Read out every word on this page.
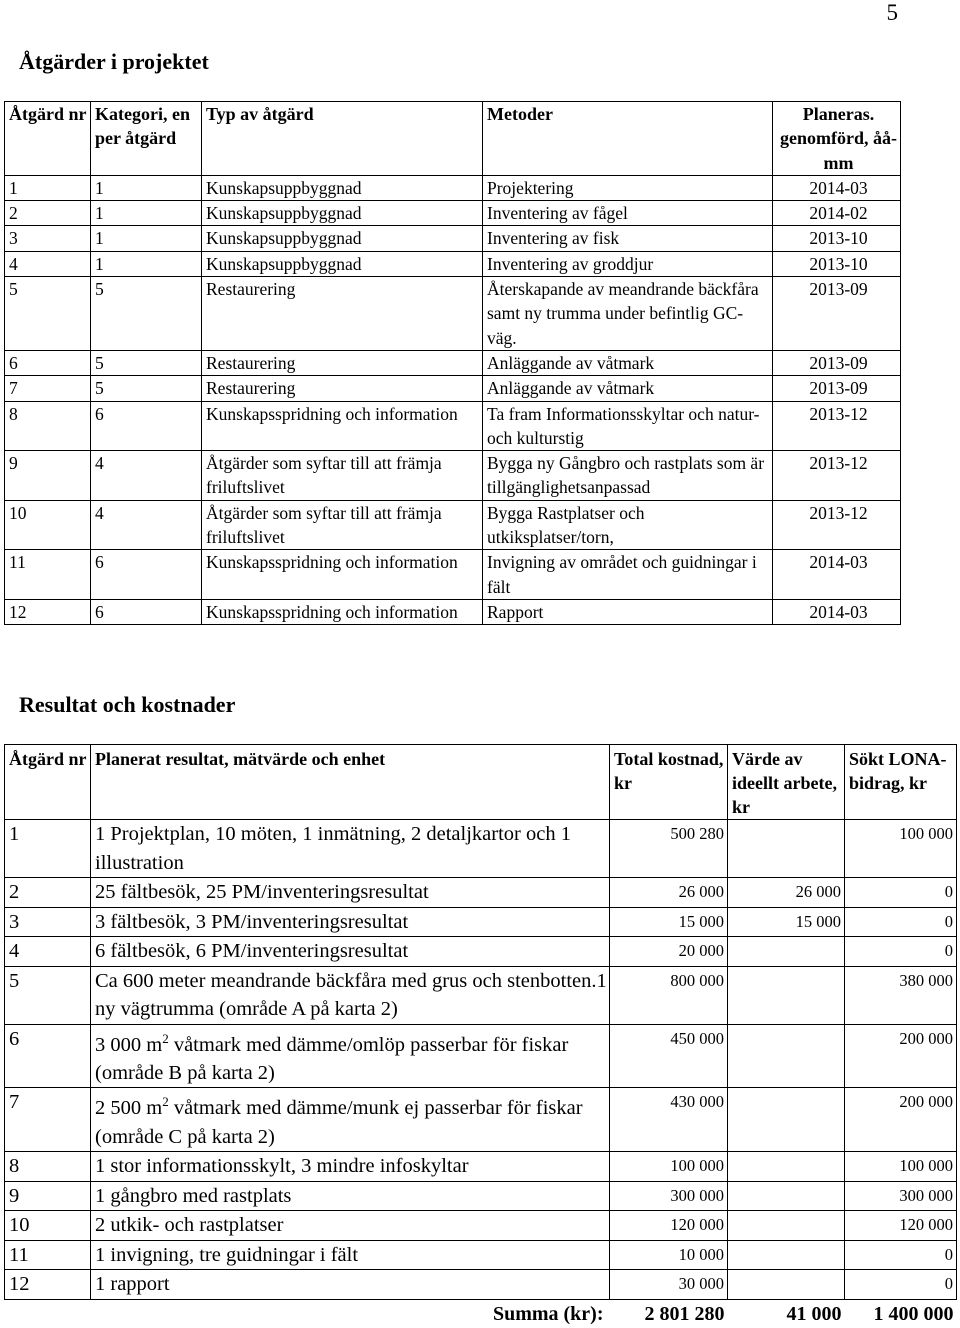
5
Åtgärder i projektet
Åtgärd nr	Kategori, en per åtgärd	Typ av åtgärd	Metoder	Planeras. genomförd, åå-mm
1	1	Kunskapsuppbyggnad	Projektering	2014-03
2	1	Kunskapsuppbyggnad	Inventering av fågel	2014-02
3	1	Kunskapsuppbyggnad	Inventering av fisk	2013-10
4	1	Kunskapsuppbyggnad	Inventering av groddjur	2013-10
5	5	Restaurering	Återskapande av meandrande bäckfåra samt ny trumma under befintlig GC-väg.	2013-09
6	5	Restaurering	Anläggande av våtmark	2013-09
7	5	Restaurering	Anläggande av våtmark	2013-09
8	6	Kunskapsspridning och information	Ta fram Informationsskyltar och natur- och kulturstig	2013-12
9	4	Åtgärder som syftar till att främja friluftslivet	Bygga ny Gångbro och rastplats som är tillgänglighetsanpassad	2013-12
10	4	Åtgärder som syftar till att främja friluftslivet	Bygga Rastplatser och utkiksplatser/torn,	2013-12
11	6	Kunskapsspridning och information	Invigning av området och guidningar i fält	2014-03
12	6	Kunskapsspridning och information	Rapport	2014-03
Resultat och kostnader
Åtgärd nr	Planerat resultat, mätvärde och enhet	Total kostnad, kr	Värde av ideellt arbete, kr	Sökt LONA-bidrag, kr
1	1 Projektplan, 10 möten, 1 inmätning, 2 detaljkartor och 1 illustration	500 280		100 000
2	25 fältbesök, 25 PM/inventeringsresultat	26 000	26 000	0
3	3 fältbesök, 3 PM/inventeringsresultat	15 000	15 000	0
4	6 fältbesök, 6 PM/inventeringsresultat	20 000		0
5	Ca 600 meter meandrande bäckfåra med grus och stenbotten.1 ny vägtrumma (område A på karta 2)	800 000		380 000
6	3 000 $m^2$ våtmark med dämme/omlöp passerbar för fiskar (område B på karta 2)	450 000		200 000
7	2 500 $m^2$ våtmark med dämme/munk ej passerbar för fiskar (område C på karta 2)	430 000		200 000
8	1 stor informationsskylt, 3 mindre infoskyltar	100 000		100 000
9	1 gångbro med rastplats	300 000		300 000
10	2 utkik- och rastplatser	120 000		120 000
11	1 invigning, tre guidningar i fält	10 000		0
12	1 rapport	30 000		0
Summa (kr):		2 801 280	41 000	1 400 000
